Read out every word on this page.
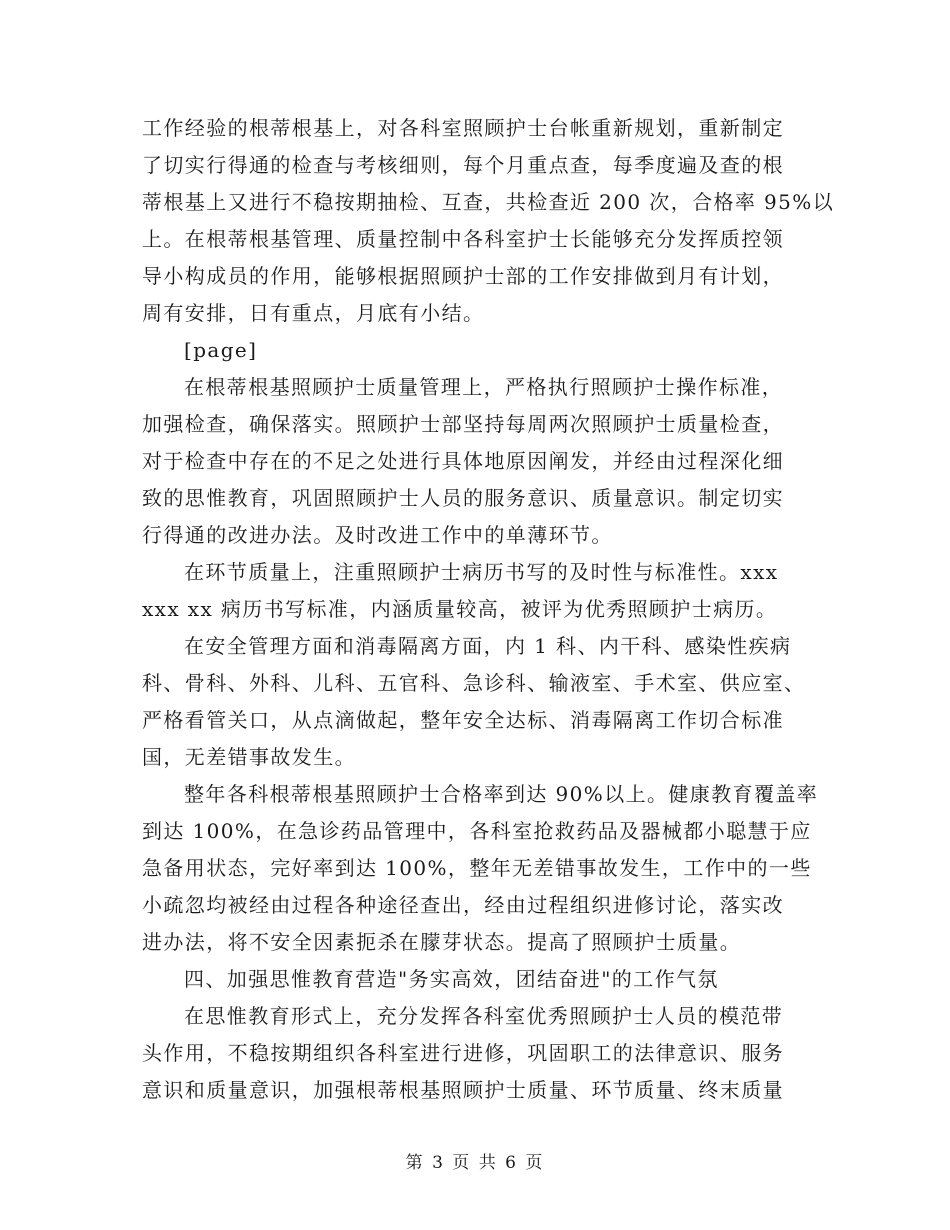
工作经验的根蒂根基上，对各科室照顾护士台帐重新规划，重新制定
了切实行得通的检查与考核细则，每个月重点查，每季度遍及查的根
蒂根基上又进行不稳按期抽检、互查，共检查近 200 次，合格率 95%以
上。在根蒂根基管理、质量控制中各科室护士长能够充分发挥质控领
导小构成员的作用，能够根据照顾护士部的工作安排做到月有计划，
周有安排，日有重点，月底有小结。
[page]
在根蒂根基照顾护士质量管理上，严格执行照顾护士操作标准，
加强检查，确保落实。照顾护士部坚持每周两次照顾护士质量检查，
对于检查中存在的不足之处进行具体地原因阐发，并经由过程深化细
致的思惟教育，巩固照顾护士人员的服务意识、质量意识。制定切实
行得通的改进办法。及时改进工作中的单薄环节。
在环节质量上，注重照顾护士病历书写的及时性与标准性。xxx
xxx xx 病历书写标准，内涵质量较高，被评为优秀照顾护士病历。
在安全管理方面和消毒隔离方面，内 1 科、内干科、感染性疾病
科、骨科、外科、儿科、五官科、急诊科、输液室、手术室、供应室、
严格看管关口，从点滴做起，整年安全达标、消毒隔离工作切合标准
国，无差错事故发生。
整年各科根蒂根基照顾护士合格率到达 90%以上。健康教育覆盖率
到达 100%，在急诊药品管理中，各科室抢救药品及器械都小聪慧于应
急备用状态，完好率到达 100%，整年无差错事故发生，工作中的一些
小疏忽均被经由过程各种途径查出，经由过程组织进修讨论，落实改
进办法，将不安全因素扼杀在朦芽状态。提高了照顾护士质量。
四、加强思惟教育营造"务实高效，团结奋进"的工作气氛
在思惟教育形式上，充分发挥各科室优秀照顾护士人员的模范带
头作用，不稳按期组织各科室进行进修，巩固职工的法律意识、服务
意识和质量意识，加强根蒂根基照顾护士质量、环节质量、终末质量
第 3 页 共 6 页
